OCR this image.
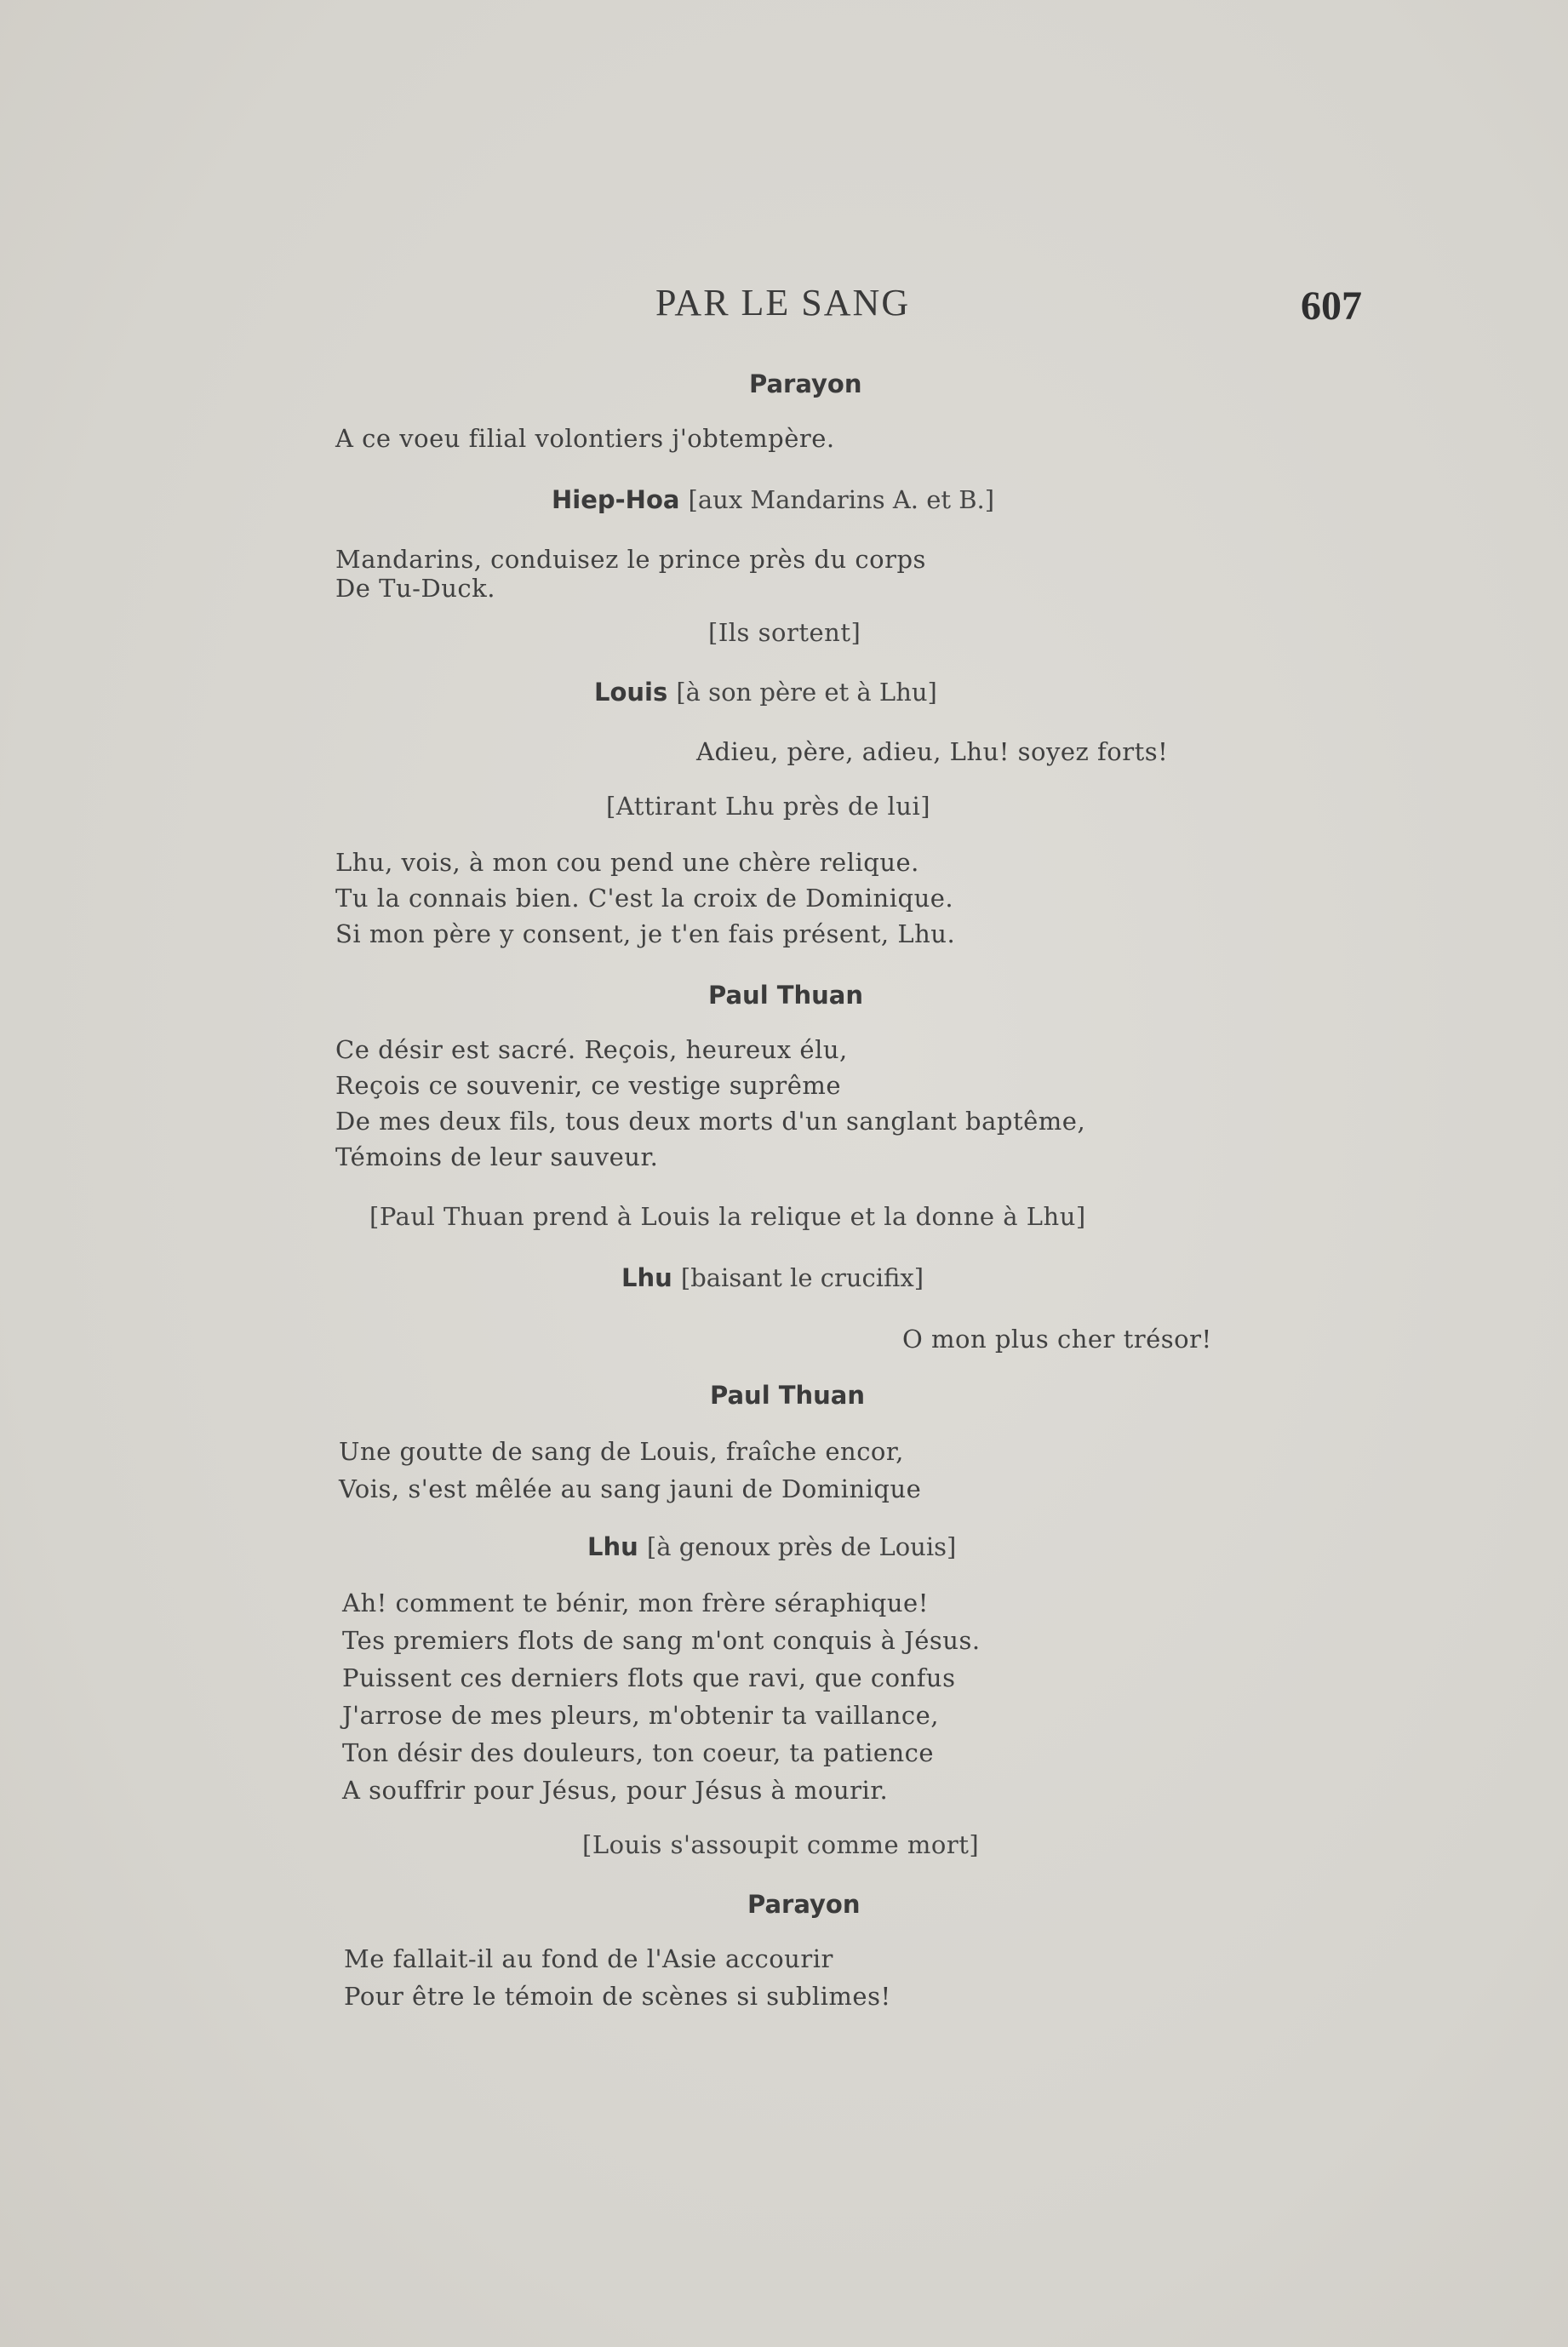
PAR LE SANG	607
Parayon
A ce voeu filial volontiers j'obtempère.
Hiep-Hoa [aux Mandarins A. et B.]
Mandarins, conduisez le prince près du corps
De Tu-Duck.
[Ils sortent]
Louis [à son père et à Lhu]
Adieu, père, adieu, Lhu! soyez forts!
[Attirant Lhu près de lui]
Lhu, vois, à mon cou pend une chère relique.
Tu la connais bien. C'est la croix de Dominique.
Si mon père y consent, je t'en fais présent, Lhu.
Paul Thuan
Ce désir est sacré. Reçois, heureux élu,
Reçois ce souvenir, ce vestige suprême
De mes deux fils, tous deux morts d'un sanglant baptême,
Témoins de leur sauveur.
[Paul Thuan prend à Louis la relique et la donne à Lhu]
Lhu [baisant le crucifix]
O mon plus cher trésor!
Paul Thuan
Une goutte de sang de Louis, fraîche encor,
Vois, s'est mêlée au sang jauni de Dominique
Lhu [à genoux près de Louis]
Ah! comment te bénir, mon frère séraphique!
Tes premiers flots de sang m'ont conquis à Jésus.
Puissent ces derniers flots que ravi, que confus
J'arrose de mes pleurs, m'obtenir ta vaillance,
Ton désir des douleurs, ton coeur, ta patience
A souffrir pour Jésus, pour Jésus à mourir.
[Louis s'assoupit comme mort]
Parayon
Me fallait-il au fond de l'Asie accourir
Pour être le témoin de scènes si sublimes!
